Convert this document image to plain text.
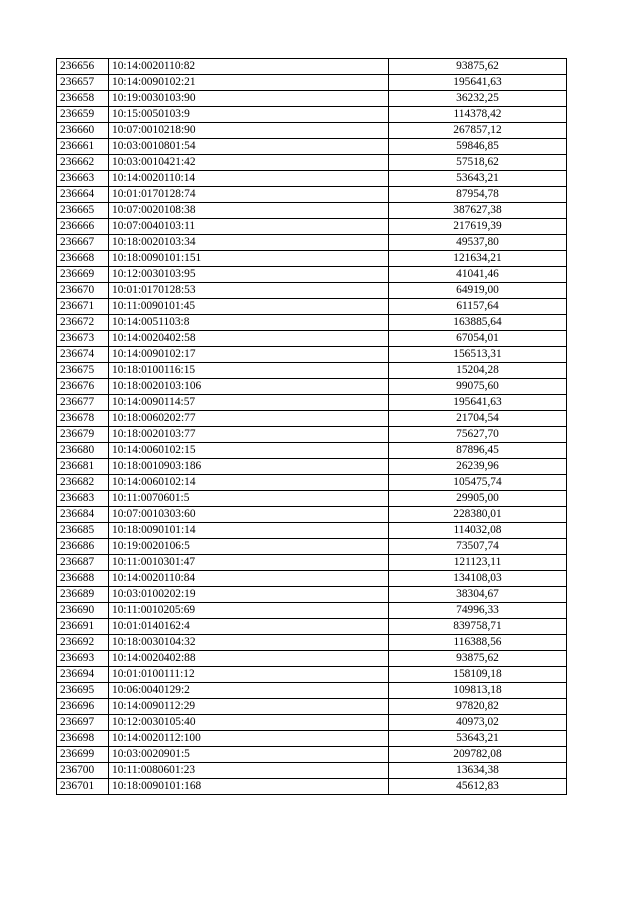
236656	10:14:0020110:82	93875,62
236657	10:14:0090102:21	195641,63
236658	10:19:0030103:90	36232,25
236659	10:15:0050103:9	114378,42
236660	10:07:0010218:90	267857,12
236661	10:03:0010801:54	59846,85
236662	10:03:0010421:42	57518,62
236663	10:14:0020110:14	53643,21
236664	10:01:0170128:74	87954,78
236665	10:07:0020108:38	387627,38
236666	10:07:0040103:11	217619,39
236667	10:18:0020103:34	49537,80
236668	10:18:0090101:151	121634,21
236669	10:12:0030103:95	41041,46
236670	10:01:0170128:53	64919,00
236671	10:11:0090101:45	61157,64
236672	10:14:0051103:8	163885,64
236673	10:14:0020402:58	67054,01
236674	10:14:0090102:17	156513,31
236675	10:18:0100116:15	15204,28
236676	10:18:0020103:106	99075,60
236677	10:14:0090114:57	195641,63
236678	10:18:0060202:77	21704,54
236679	10:18:0020103:77	75627,70
236680	10:14:0060102:15	87896,45
236681	10:18:0010903:186	26239,96
236682	10:14:0060102:14	105475,74
236683	10:11:0070601:5	29905,00
236684	10:07:0010303:60	228380,01
236685	10:18:0090101:14	114032,08
236686	10:19:0020106:5	73507,74
236687	10:11:0010301:47	121123,11
236688	10:14:0020110:84	134108,03
236689	10:03:0100202:19	38304,67
236690	10:11:0010205:69	74996,33
236691	10:01:0140162:4	839758,71
236692	10:18:0030104:32	116388,56
236693	10:14:0020402:88	93875,62
236694	10:01:0100111:12	158109,18
236695	10:06:0040129:2	109813,18
236696	10:14:0090112:29	97820,82
236697	10:12:0030105:40	40973,02
236698	10:14:0020112:100	53643,21
236699	10:03:0020901:5	209782,08
236700	10:11:0080601:23	13634,38
236701	10:18:0090101:168	45612,83
